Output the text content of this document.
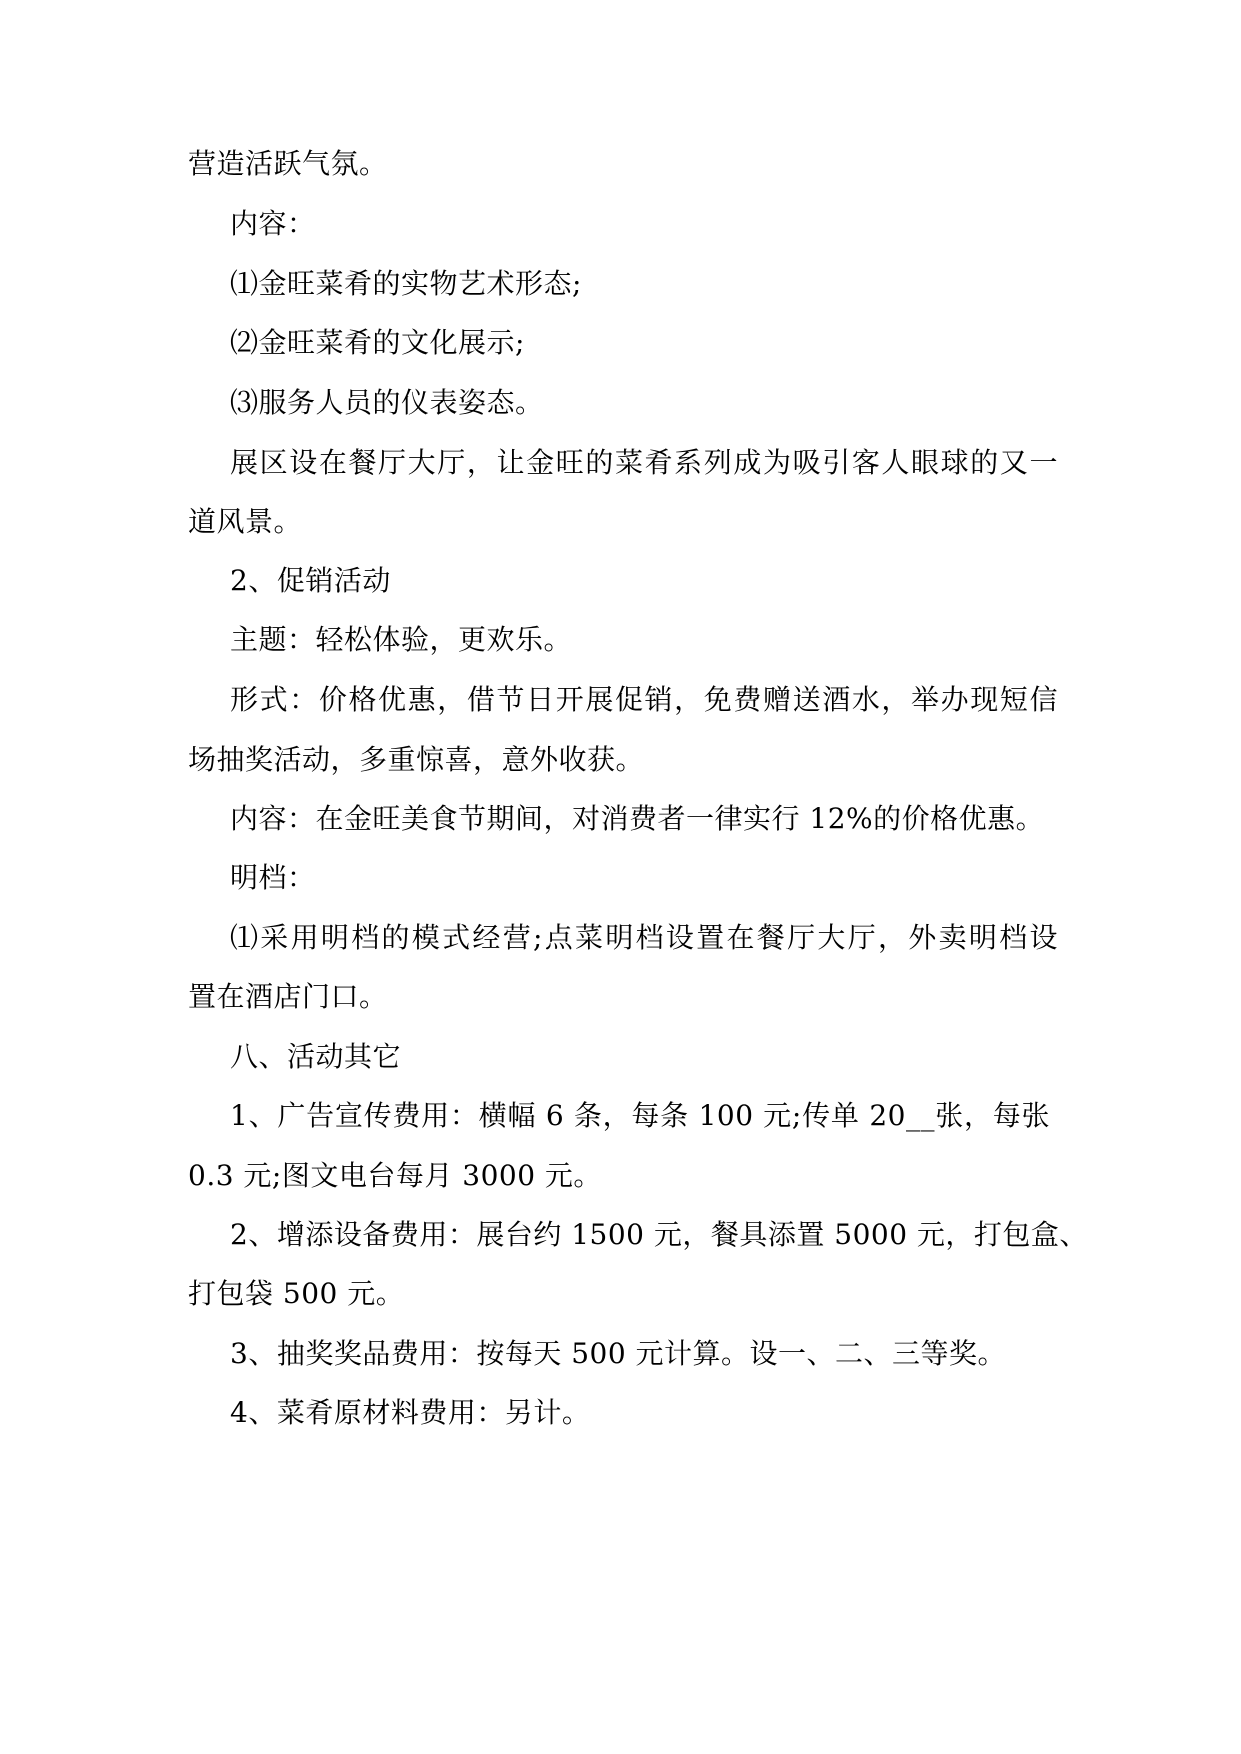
营造活跃气氛。
内容：
⑴金旺菜肴的实物艺术形态;
⑵金旺菜肴的文化展示;
⑶服务人员的仪表姿态。
展区设在餐厅大厅，让金旺的菜肴系列成为吸引客人眼球的又一
道风景。
2、促销活动
主题：轻松体验，更欢乐。
形式：价格优惠，借节日开展促销，免费赠送酒水，举办现短信
场抽奖活动，多重惊喜，意外收获。
内容：在金旺美食节期间，对消费者一律实行 12%的价格优惠。
明档：
⑴采用明档的模式经营;点菜明档设置在餐厅大厅，外卖明档设
置在酒店门口。
八、活动其它
1、广告宣传费用：横幅 6 条，每条 100 元;传单 20__张，每张
0.3 元;图文电台每月 3000 元。
2、增添设备费用：展台约 1500 元，餐具添置 5000 元，打包盒、
打包袋 500 元。
3、抽奖奖品费用：按每天 500 元计算。设一、二、三等奖。
4、菜肴原材料费用：另计。
